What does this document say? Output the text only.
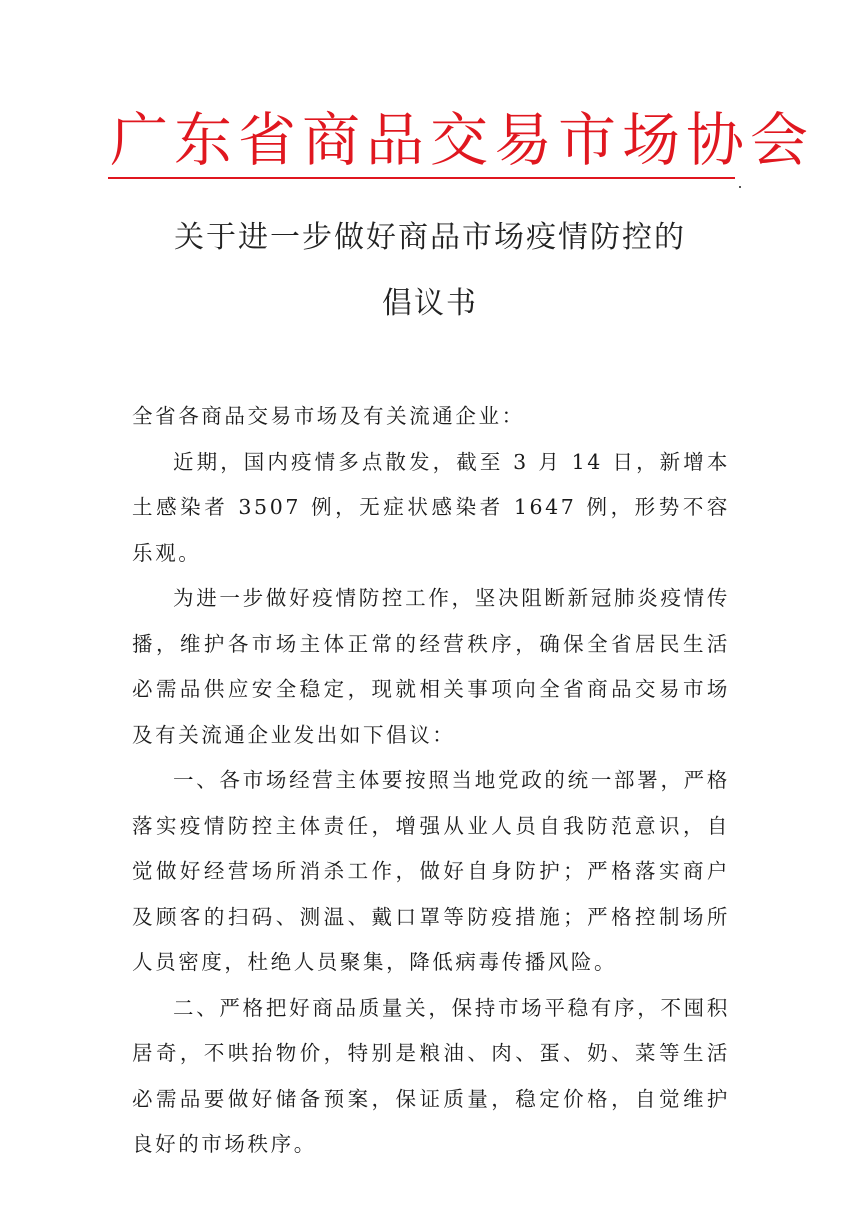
广东省商品交易市场协会
关于进一步做好商品市场疫情防控的
倡议书

全省各商品交易市场及有关流通企业：

近期，国内疫情多点散发，截至 3 月 14 日，新增本土感染者 3507 例，无症状感染者 1647 例，形势不容乐观。

为进一步做好疫情防控工作，坚决阻断新冠肺炎疫情传播，维护各市场主体正常的经营秩序，确保全省居民生活必需品供应安全稳定，现就相关事项向全省商品交易市场及有关流通企业发出如下倡议：

一、各市场经营主体要按照当地党政的统一部署，严格落实疫情防控主体责任，增强从业人员自我防范意识，自觉做好经营场所消杀工作，做好自身防护；严格落实商户及顾客的扫码、测温、戴口罩等防疫措施；严格控制场所人员密度，杜绝人员聚集，降低病毒传播风险。

二、严格把好商品质量关，保持市场平稳有序，不囤积居奇，不哄抬物价，特别是粮油、肉、蛋、奶、菜等生活必需品要做好储备预案，保证质量，稳定价格，自觉维护良好的市场秩序。
